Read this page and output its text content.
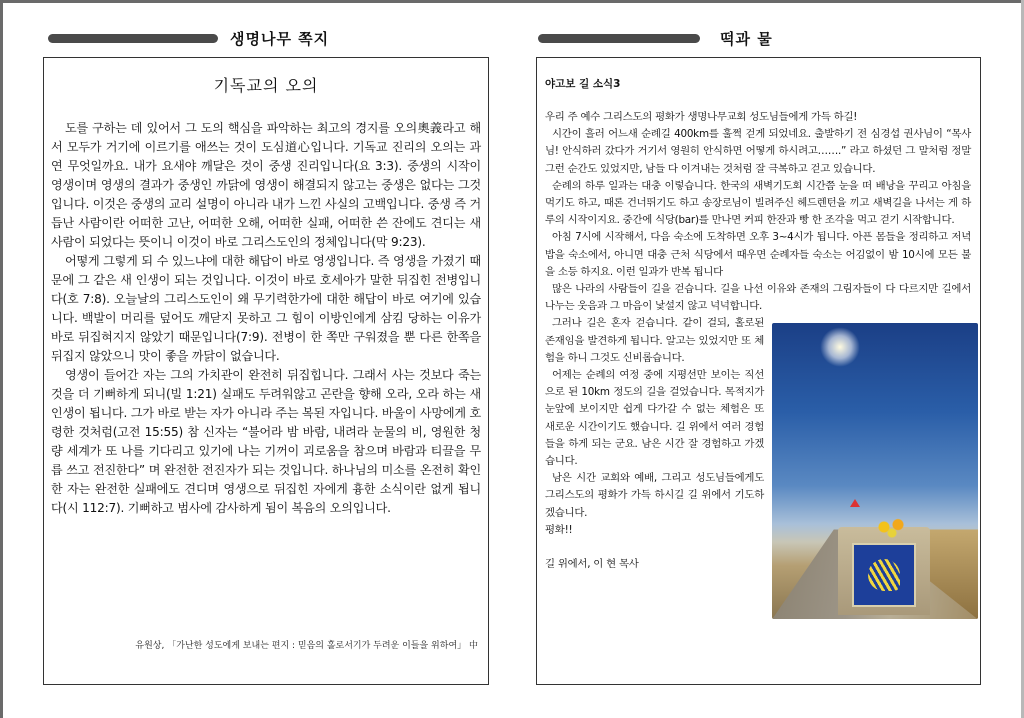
생명나무 쪽지	떡과 물
기독교의 오의

도를 구하는 데 있어서 그 도의 핵심을 파악하는 최고의 경지를 오의奧義라고 해서 모두가 거기에 이르기를 애쓰는 것이 도심道心입니다. 기독교 진리의 오의는 과연 무엇일까요. 내가 요새야 깨달은 것이 중생 진리입니다(요 3:3). 중생의 시작이 영생이며 영생의 결과가 중생인 까닭에 영생이 해결되지 않고는 중생은 없다는 그것입니다. 이것은 중생의 교리 설명이 아니라 내가 느낀 사실의 고백입니다. 중생 즉 거듭난 사람이란 어떠한 고난, 어떠한 오해, 어떠한 실패, 어떠한 쓴 잔에도 견디는 새 사람이 되었다는 뜻이니 이것이 바로 그리스도인의 정체입니다(막 9:23).

어떻게 그렇게 되 수 있느냐에 대한 해답이 바로 영생입니다. 즉 영생을 가졌기 때문에 그 같은 새 인생이 되는 것입니다. 이것이 바로 호세아가 말한 뒤집힌 전병입니다(호 7:8). 오늘날의 그리스도인이 왜 무기력한가에 대한 해답이 바로 여기에 있습니다. 백발이 머리를 덮어도 깨닫지 못하고 그 힘이 이방인에게 삼킴 당하는 이유가 바로 뒤집혀지지 않았기 때문입니다(7:9). 전병이 한 쪽만 구워졌을 뿐 다른 한쪽을 뒤집지 않았으니 맛이 좋을 까닭이 없습니다.

영생이 들어간 자는 그의 가치관이 완전히 뒤집힙니다. 그래서 사는 것보다 죽는 것을 더 기뻐하게 되니(빌 1:21) 실패도 두려워않고 곤란을 향해 오라, 오라 하는 새 인생이 됩니다. 그가 바로 받는 자가 아니라 주는 복된 자입니다. 바울이 사망에게 호령한 것처럼(고전 15:55) 참 신자는 “불어라 밤 바람, 내려라 눈물의 비, 영원한 청량 세계가 또 나를 기다리고 있기에 나는 기꺼이 괴로움을 참으며 바람과 티끌을 무릅 쓰고 전진한다” 며 완전한 전진자가 되는 것입니다. 하나님의 미소를 온전히 확인한 자는 완전한 실패에도 견디며 영생으로 뒤집힌 자에게 흉한 소식이란 없게 됩니다(시 112:7). 기뻐하고 범사에 감사하게 됨이 복음의 오의입니다.

유원상, 「가난한 성도에게 보내는 편지 : 믿음의 홀로서기가 두려운 이들을 위하여」 中
야고보 길 소식3

우리 주 예수 그리스도의 평화가 생명나무교회 성도님들에게 가득 하길!

시간이 흘러 어느새 순례길 400km를 훌쩍 걷게 되었네요. 출발하기 전 심경섭 권사님이 “목사님! 안식하러 갔다가 거기서 영원히 안식하면 어떻게 하시려고…….” 라고 하셨던 그 말처럼 정말 그런 순간도 있었지만, 남들 다 이겨내는 것처럼 잘 극복하고 걷고 있습니다.

순례의 하루 일과는 대충 이렇습니다. 한국의 새벽기도회 시간쯤 눈을 떠 배낭을 꾸리고 아침을 먹기도 하고, 때론 건너뛰기도 하고 송장로님이 빌려주신 헤드렌턴을 끼고 새벽길을 나서는 게 하루의 시작이지요. 중간에 식당(bar)를 만나면 커피 한잔과 빵 한 조각을 먹고 걷기 시작합니다.

아침 7시에 시작해서, 다음 숙소에 도착하면 오후 3~4시가 됩니다. 아픈 몸들을 정리하고 저녁밥을 숙소에서, 아니면 대충 근처 식당에서 때우면 순례자들 숙소는 어김없이 밤 10시에 모든 불을 소등 하지요. 이런 일과가 반복 됩니다

많은 나라의 사람들이 길을 걷습니다. 길을 나선 이유와 존재의 그림자들이 다 다르지만 길에서 나누는 웃음과 그 마음이 낯설지 않고 넉넉합니다.

그러나 길은 혼자 걷습니다. 같이 걸되, 홀로된 존재임을 발견하게 됩니다. 알고는 있었지만 또 체험을 하니 그것도 신비롭습니다.

어제는 순례의 여정 중에 지평선만 보이는 직선으로 된 10km 정도의 길을 걸었습니다. 목적지가 눈앞에 보이지만 쉽게 다가갈 수 없는 체험은 또 새로운 시간이기도 했습니다. 길 위에서 여러 경험들을 하게 되는 군요. 남은 시간 잘 경험하고 가겠습니다.

남은 시간 교회와 예배, 그리고 성도님들에게도 그리스도의 평화가 가득 하시길 길 위에서 기도하겠습니다.

평화!!

길 위에서, 이 현 목사
